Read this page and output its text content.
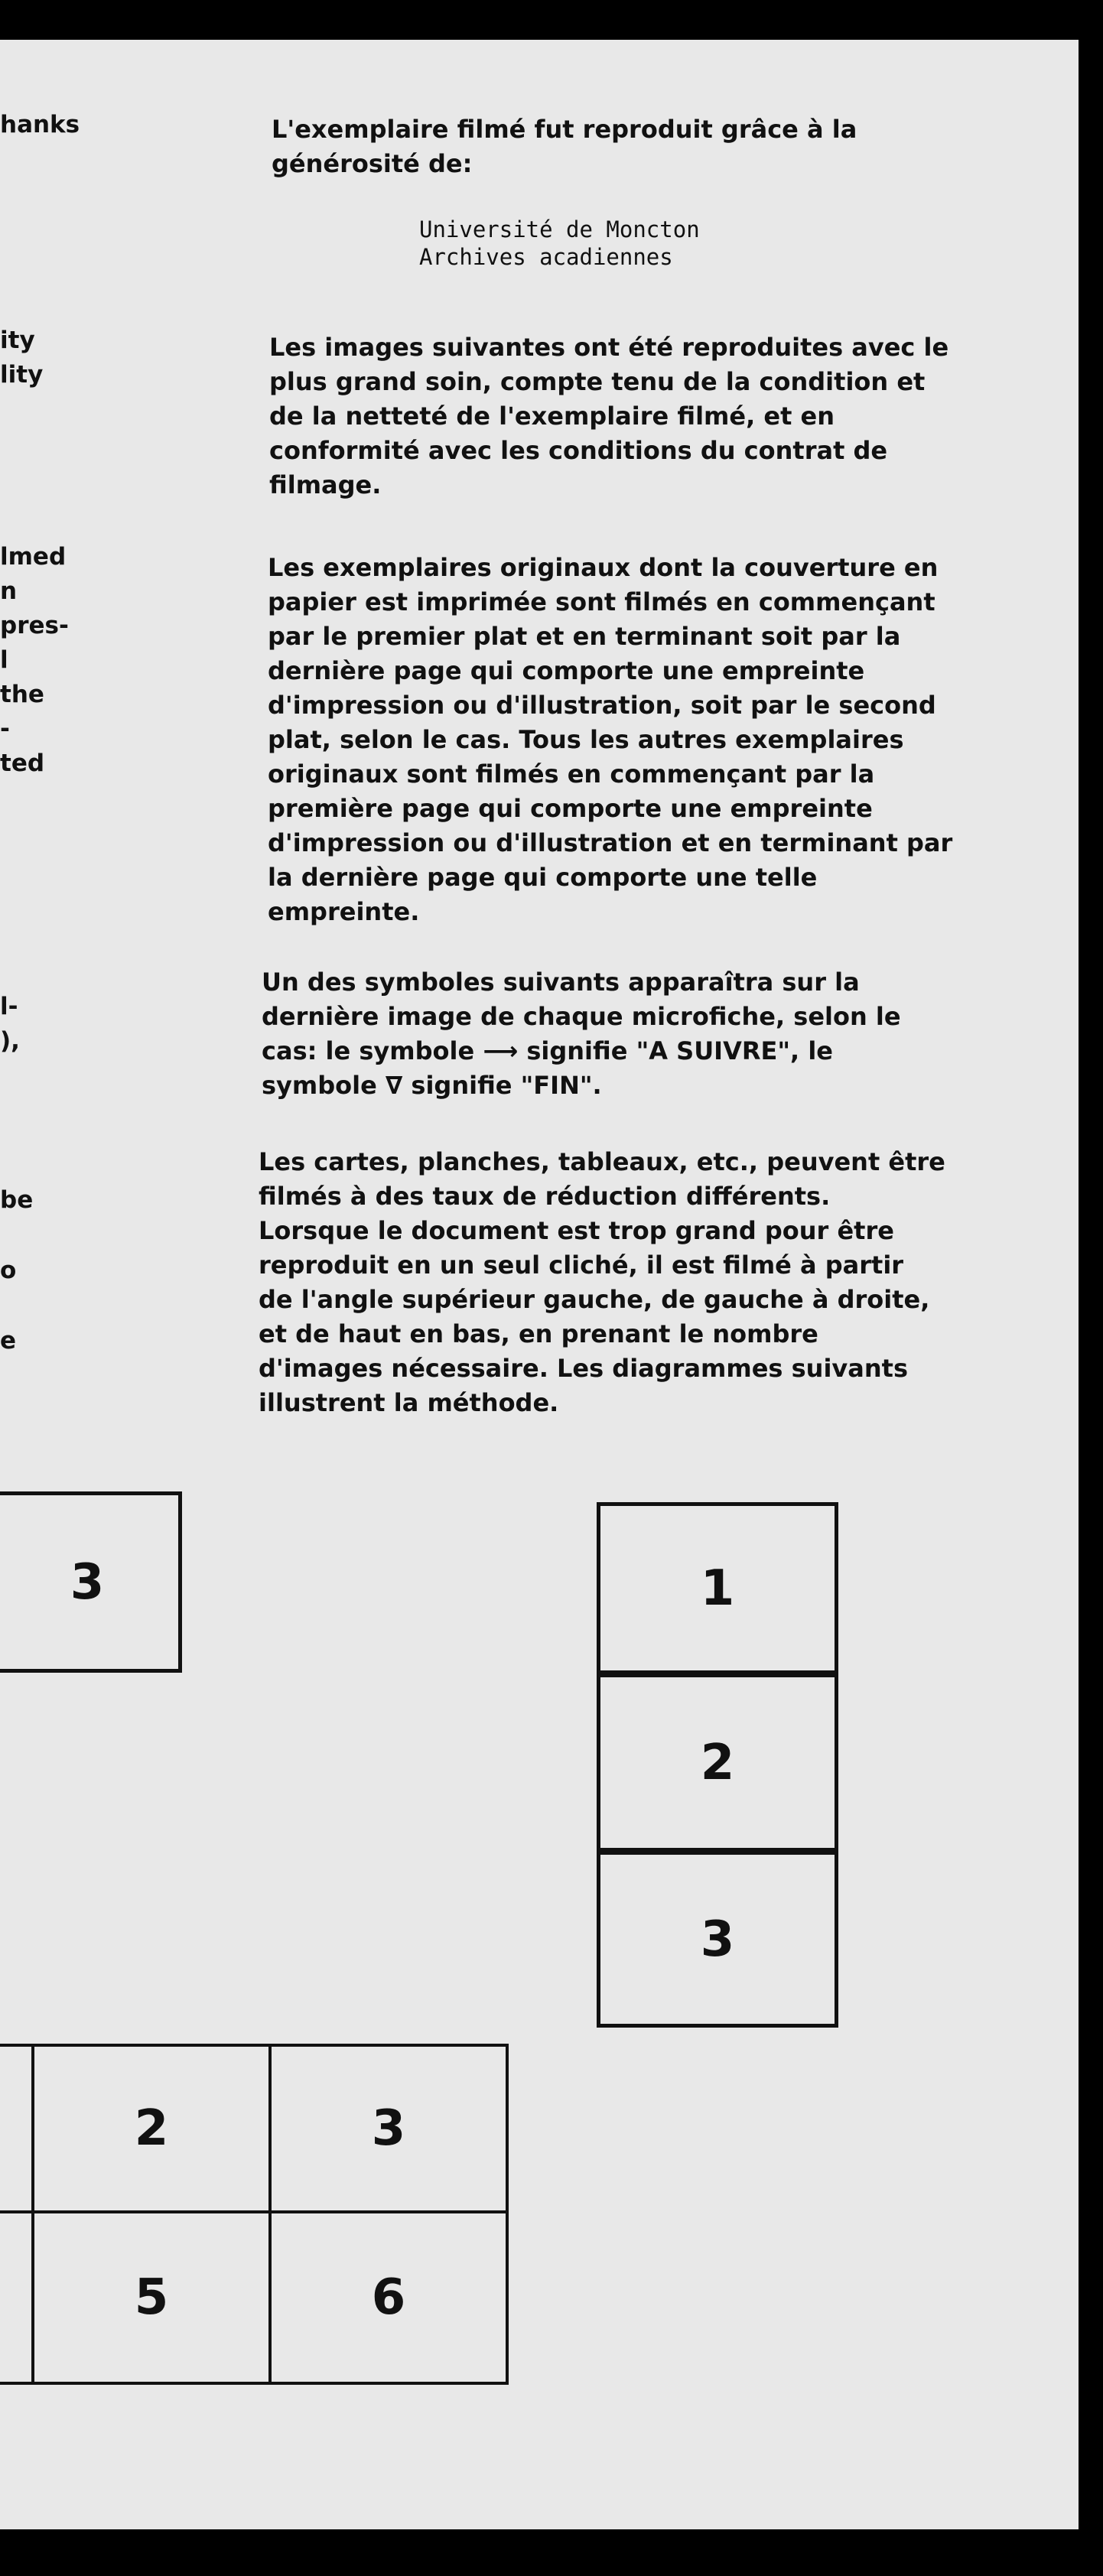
hanks
ity
lity
lmed
n
pres-
l
the
-
ted
l-
),
be
o
e
L'exemplaire filmé fut reproduit grâce à la
générosité de:
Université de Moncton
Archives acadiennes
Les images suivantes ont été reproduites avec le
plus grand soin, compte tenu de la condition et
de la netteté de l'exemplaire filmé, et en
conformité avec les conditions du contrat de
filmage.
Les exemplaires originaux dont la couverture en
papier est imprimée sont filmés en commençant
par le premier plat et en terminant soit par la
dernière page qui comporte une empreinte
d'impression ou d'illustration, soit par le second
plat, selon le cas. Tous les autres exemplaires
originaux sont filmés en commençant par la
première page qui comporte une empreinte
d'impression ou d'illustration et en terminant par
la dernière page qui comporte une telle
empreinte.
Un des symboles suivants apparaîtra sur la
dernière image de chaque microfiche, selon le
cas: le symbole ⟶ signifie "A SUIVRE", le
symbole ∇ signifie "FIN".
Les cartes, planches, tableaux, etc., peuvent être
filmés à des taux de réduction différents.
Lorsque le document est trop grand pour être
reproduit en un seul cliché, il est filmé à partir
de l'angle supérieur gauche, de gauche à droite,
et de haut en bas, en prenant le nombre
d'images nécessaire. Les diagrammes suivants
illustrent la méthode.
3	1
2
3
2	3
5	6
